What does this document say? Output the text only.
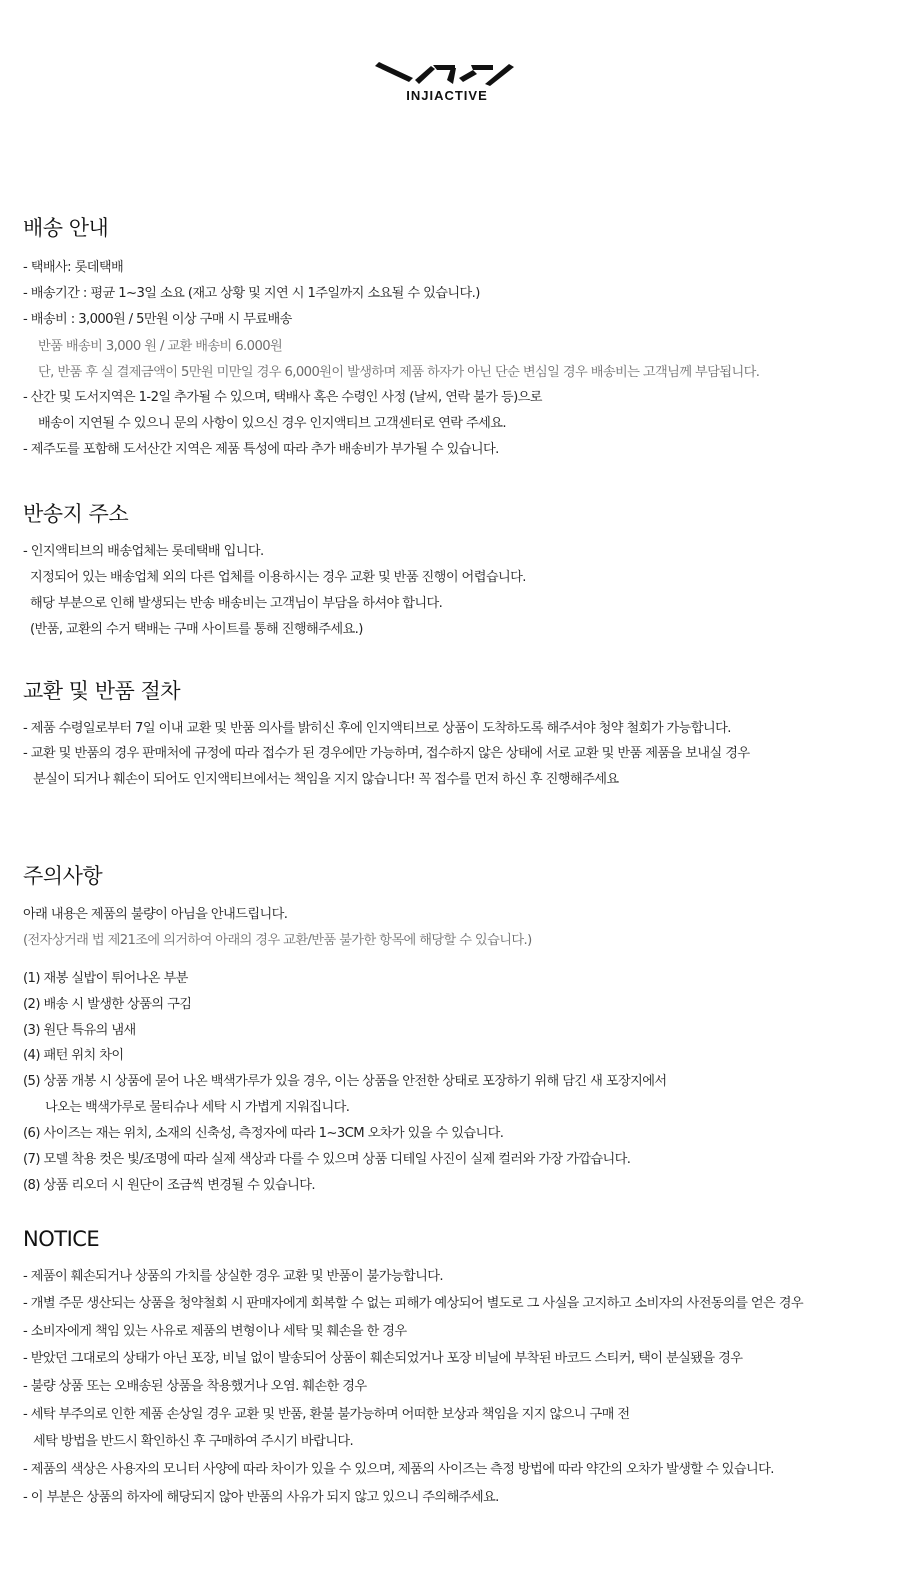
INJIACTIVE
배송 안내
- 택배사: 롯데택배
- 배송기간 : 평균 1~3일 소요 (재고 상황 및 지연 시 1주일까지 소요될 수 있습니다.)
- 배송비 : 3,000원 / 5만원 이상 구매 시 무료배송
반품 배송비 3,000 원 / 교환 배송비 6.000원
단, 반품 후 실 결제금액이 5만원 미만일 경우 6,000원이 발생하며 제품 하자가 아닌 단순 변심일 경우 배송비는 고객님께 부담됩니다.
- 산간 및 도서지역은 1-2일 추가될 수 있으며, 택배사 혹은 수령인 사정 (날씨, 연락 불가 등)으로
배송이 지연될 수 있으니 문의 사항이 있으신 경우 인지액티브 고객센터로 연락 주세요.
- 제주도를 포함해 도서산간 지역은 제품 특성에 따라 추가 배송비가 부가될 수 있습니다.
반송지 주소
- 인지액티브의 배송업체는 롯데택배 입니다.
지정되어 있는 배송업체 외의 다른 업체를 이용하시는 경우 교환 및 반품 진행이 어렵습니다.
해당 부분으로 인해 발생되는 반송 배송비는 고객님이 부담을 하셔야 합니다.
(반품, 교환의 수거 택배는 구매 사이트를 통해 진행해주세요.)
교환 및 반품 절차
- 제품 수령일로부터 7일 이내 교환 및 반품 의사를 밝히신 후에 인지액티브로 상품이 도착하도록 해주셔야 청약 철회가 가능합니다.
- 교환 및 반품의 경우 판매처에 규정에 따라 접수가 된 경우에만 가능하며, 접수하지 않은 상태에 서로 교환 및 반품 제품을 보내실 경우
분실이 되거나 훼손이 되어도 인지액티브에서는 책임을 지지 않습니다! 꼭 접수를 먼저 하신 후 진행해주세요
주의사항
아래 내용은 제품의 불량이 아님을 안내드립니다.
(전자상거래 법 제21조에 의거하여 아래의 경우 교환/반품 불가한 항목에 해당할 수 있습니다.)
(1) 재봉 실밥이 튀어나온 부분
(2) 배송 시 발생한 상품의 구김
(3) 원단 특유의 냄새
(4) 패턴 위치 차이
(5) 상품 개봉 시 상품에 묻어 나온 백색가루가 있을 경우, 이는 상품을 안전한 상태로 포장하기 위해 담긴 새 포장지에서
나오는 백색가루로 물티슈나 세탁 시 가볍게 지워집니다.
(6) 사이즈는 재는 위치, 소재의 신축성, 측정자에 따라 1~3CM 오차가 있을 수 있습니다.
(7) 모델 착용 컷은 빛/조명에 따라 실제 색상과 다를 수 있으며 상품 디테일 사진이 실제 컬러와 가장 가깝습니다.
(8) 상품 리오더 시 원단이 조금씩 변경될 수 있습니다.
NOTICE
- 제품이 훼손되거나 상품의 가치를 상실한 경우 교환 및 반품이 불가능합니다.
- 개별 주문 생산되는 상품을 청약철회 시 판매자에게 회복할 수 없는 피해가 예상되어 별도로 그 사실을 고지하고 소비자의 사전동의를 얻은 경우
- 소비자에게 책임 있는 사유로 제품의 변형이나 세탁 및 훼손을 한 경우
- 받았던 그대로의 상태가 아닌 포장, 비닐 없이 발송되어 상품이 훼손되었거나 포장 비닐에 부착된 바코드 스티커, 택이 분실됐을 경우
- 불량 상품 또는 오배송된 상품을 착용했거나 오염. 훼손한 경우
- 세탁 부주의로 인한 제품 손상일 경우 교환 및 반품, 환불 불가능하며 어떠한 보상과 책임을 지지 않으니 구매 전
세탁 방법을 반드시 확인하신 후 구매하여 주시기 바랍니다.
- 제품의 색상은 사용자의 모니터 사양에 따라 차이가 있을 수 있으며, 제품의 사이즈는 측정 방법에 따라 약간의 오차가 발생할 수 있습니다.
- 이 부분은 상품의 하자에 해당되지 않아 반품의 사유가 되지 않고 있으니 주의해주세요.
